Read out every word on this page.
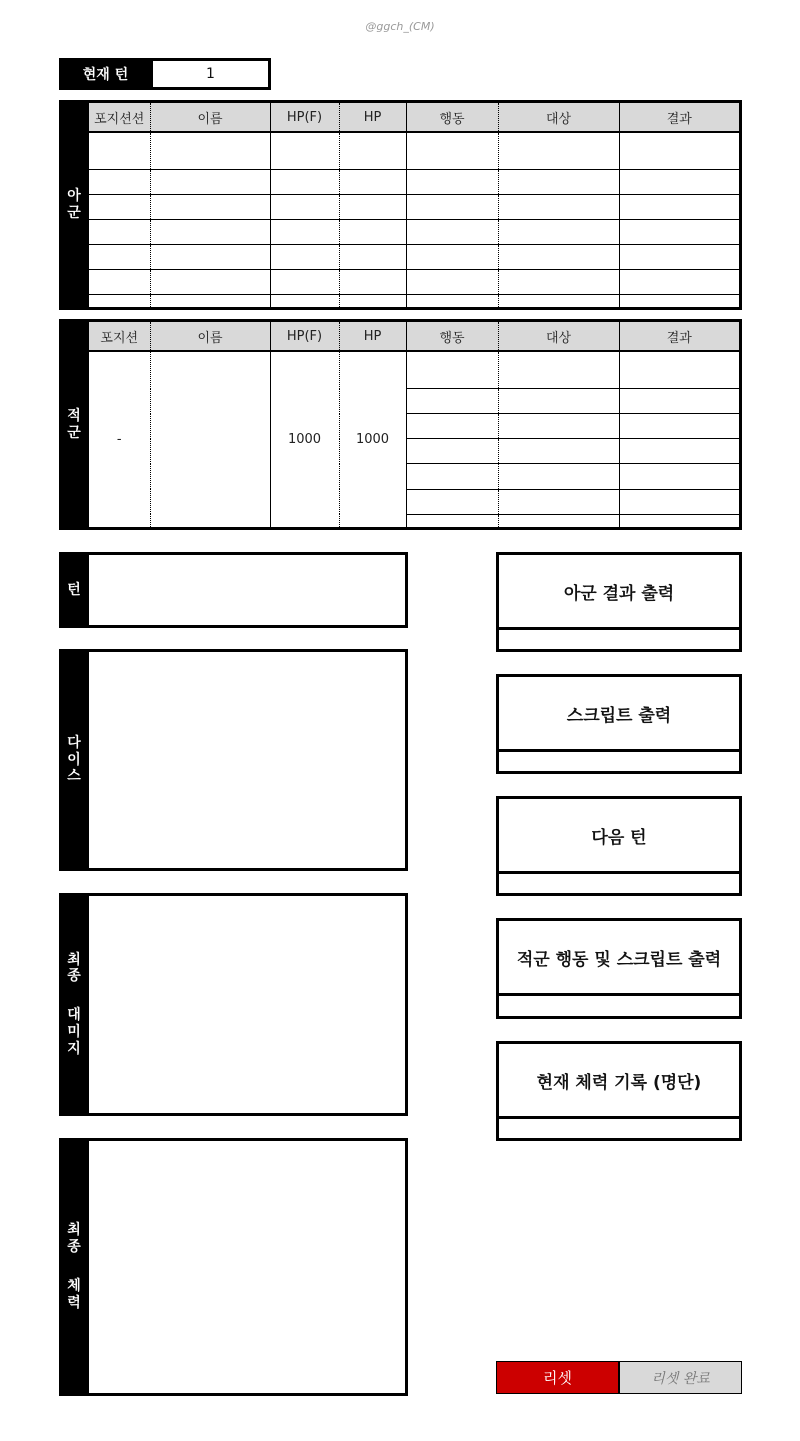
@ggch_(CM)
현재 턴	1
아
군
포지션션	이름	HP(F)	HP	행동	대상	결과

적
군
포지션	이름	HP(F)	HP	행동	대상	결과
-		1000	1000			

턴
다
이
스
최
종
대
미
지
최
종
체
력
아군 결과 출력
스크립트 출력
다음 턴
적군 행동 및 스크립트 출력
현재 체력 기록 (명단)
리셋	리셋 완료
